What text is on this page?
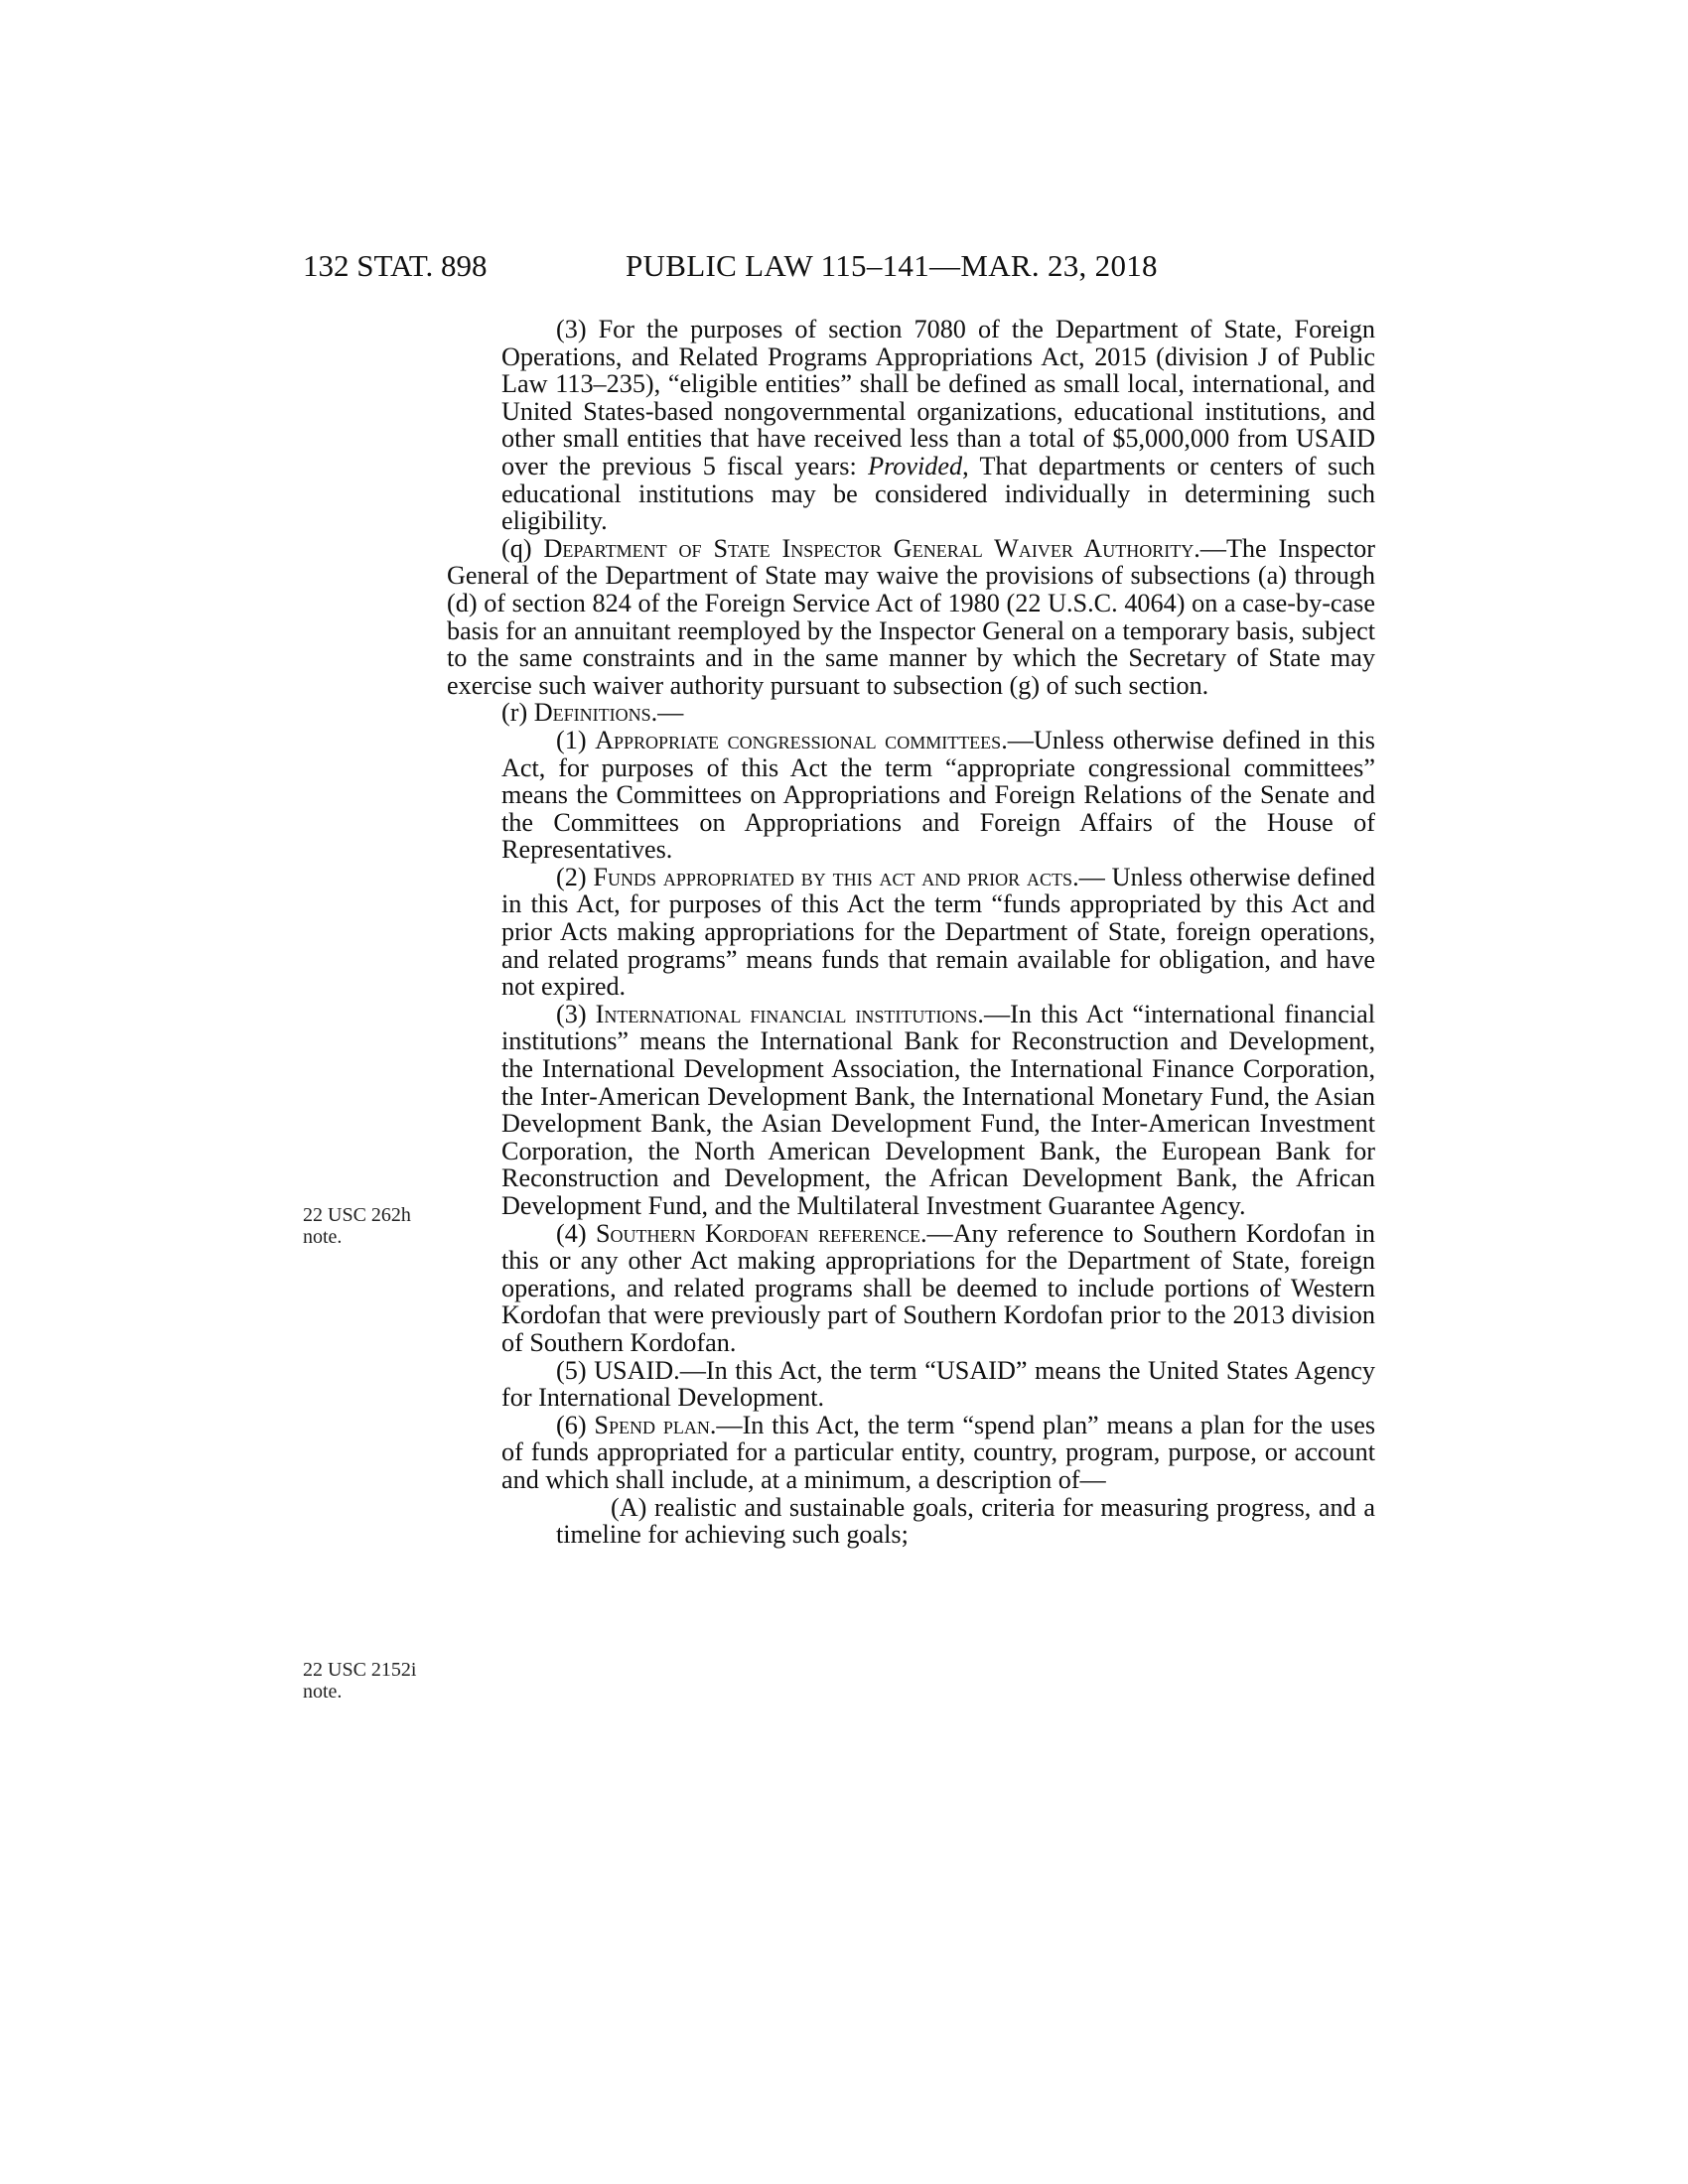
132 STAT. 898	PUBLIC LAW 115–141—MAR. 23, 2018
22 USC 262h
note.
22 USC 2152i
note.

(3) For the purposes of section 7080 of the Department of State, Foreign Operations, and Related Programs Appropriations Act, 2015 (division J of Public Law 113–235), “eligible entities” shall be defined as small local, international, and United States-based nongovernmental organizations, educational institutions, and other small entities that have received less than a total of $5,000,000 from USAID over the previous 5 fiscal years: Provided, That departments or centers of such educational institutions may be considered individually in determining such eligibility.

(q) Department of State Inspector General Waiver Authority.—The Inspector General of the Department of State may waive the provisions of subsections (a) through (d) of section 824 of the Foreign Service Act of 1980 (22 U.S.C. 4064) on a case-by-case basis for an annuitant reemployed by the Inspector General on a temporary basis, subject to the same constraints and in the same manner by which the Secretary of State may exercise such waiver authority pursuant to subsection (g) of such section.

(r) Definitions.—

(1) Appropriate congressional committees.—Unless otherwise defined in this Act, for purposes of this Act the term “appropriate congressional committees” means the Committees on Appropriations and Foreign Relations of the Senate and the Committees on Appropriations and Foreign Affairs of the House of Representatives.

(2) Funds appropriated by this act and prior acts.— Unless otherwise defined in this Act, for purposes of this Act the term “funds appropriated by this Act and prior Acts making appropriations for the Department of State, foreign operations, and related programs” means funds that remain available for obligation, and have not expired.

(3) International financial institutions.—In this Act “international financial institutions” means the International Bank for Reconstruction and Development, the International Development Association, the International Finance Corporation, the Inter-American Development Bank, the International Monetary Fund, the Asian Development Bank, the Asian Development Fund, the Inter-American Investment Corporation, the North American Development Bank, the European Bank for Reconstruction and Development, the African Development Bank, the African Development Fund, and the Multilateral Investment Guarantee Agency.

(4) Southern Kordofan reference.—Any reference to Southern Kordofan in this or any other Act making appropriations for the Department of State, foreign operations, and related programs shall be deemed to include portions of Western Kordofan that were previously part of Southern Kordofan prior to the 2013 division of Southern Kordofan.

(5) USAID.—In this Act, the term “USAID” means the United States Agency for International Development.

(6) Spend plan.—In this Act, the term “spend plan” means a plan for the uses of funds appropriated for a particular entity, country, program, purpose, or account and which shall include, at a minimum, a description of—

(A) realistic and sustainable goals, criteria for measuring progress, and a timeline for achieving such goals;
